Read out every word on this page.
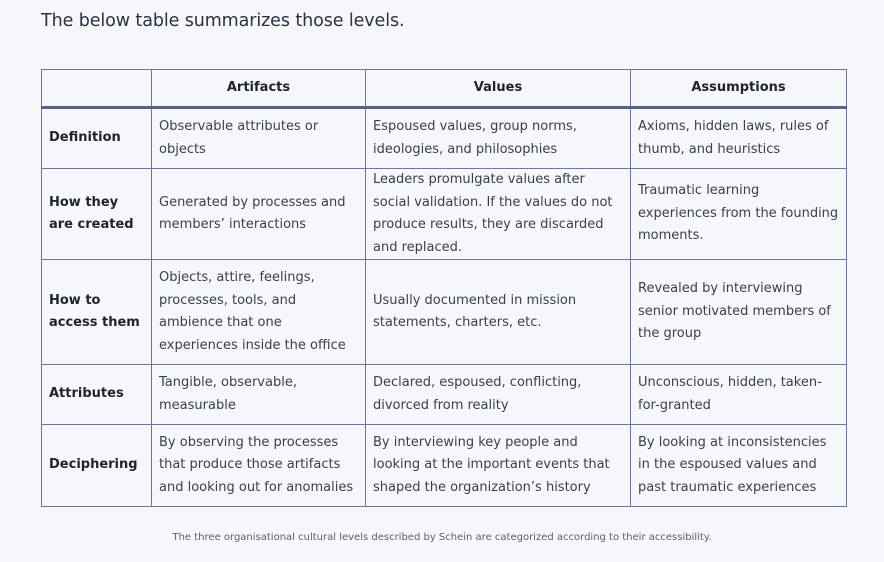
The below table summarizes those levels.
	Artifacts	Values	Assumptions
Definition	Observable attributes or objects	Espoused values, group norms, ideologies, and philosophies	Axioms, hidden laws, rules of thumb, and heuristics
How they are created	Generated by processes and members’ interactions	Leaders promulgate values after social validation. If the values do not produce results, they are discarded and replaced.	Traumatic learning experiences from the founding moments.
How to access them	Objects, attire, feelings, processes, tools, and ambience that one experiences inside the office	Usually documented in mission statements, charters, etc.	Revealed by interviewing senior motivated members of the group
Attributes	Tangible, observable, measurable	Declared, espoused, conflicting, divorced from reality	Unconscious, hidden, taken-for-granted
Deciphering	By observing the processes that produce those artifacts and looking out for anomalies	By interviewing key people and looking at the important events that shaped the organization’s history	By looking at inconsistencies in the espoused values and past traumatic experiences
The three organisational cultural levels described by Schein are categorized according to their accessibility.
